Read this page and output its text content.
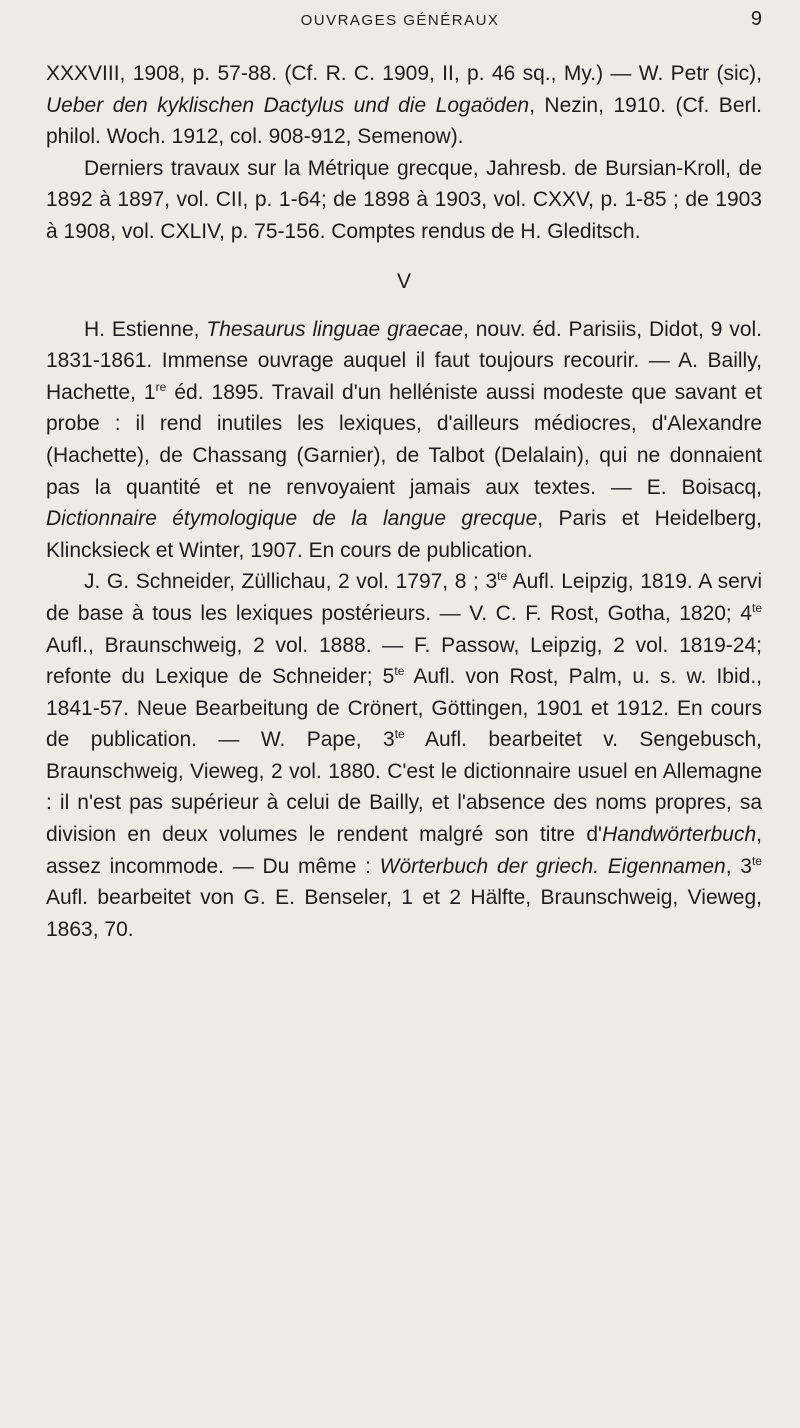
OUVRAGES GÉNÉRAUX	9

XXXVIII, 1908, p. 57-88. (Cf. R. C. 1909, II, p. 46 sq., My.) — W. Petr (sic), Ueber den kyklischen Dactylus und die Logaöden, Nezin, 1910. (Cf. Berl. philol. Woch. 1912, col. 908-912, Semenow).

Derniers travaux sur la Métrique grecque, Jahresb. de Bursian-Kroll, de 1892 à 1897, vol. CII, p. 1-64; de 1898 à 1903, vol. CXXV, p. 1-85 ; de 1903 à 1908, vol. CXLIV, p. 75-156. Comptes rendus de H. Gleditsch.

V

H. Estienne, Thesaurus linguae graecae, nouv. éd. Parisiis, Didot, 9 vol. 1831-1861. Immense ouvrage auquel il faut toujours recourir. — A. Bailly, Hachette, 1re éd. 1895. Travail d'un helléniste aussi modeste que savant et probe : il rend inutiles les lexiques, d'ailleurs médiocres, d'Alexandre (Hachette), de Chassang (Garnier), de Talbot (Delalain), qui ne donnaient pas la quantité et ne renvoyaient jamais aux textes. — E. Boisacq, Dictionnaire étymologique de la langue grecque, Paris et Heidelberg, Klincksieck et Winter, 1907. En cours de publication.

J. G. Schneider, Züllichau, 2 vol. 1797, 8 ; $3^{te}$ Aufl. Leipzig, 1819. A servi de base à tous les lexiques postérieurs. — V. C. F. Rost, Gotha, 1820; $4^{te}$ Aufl., Braunschweig, 2 vol. 1888. — F. Passow, Leipzig, 2 vol. 1819-24; refonte du Lexique de Schneider; $5^{te}$ Aufl. von Rost, Palm, u. s. w. Ibid., 1841-57. Neue Bearbeitung de Crönert, Göttingen, 1901 et 1912. En cours de publication. — W. Pape, $3^{te}$ Aufl. bearbeitet v. Sengebusch, Braunschweig, Vieweg, 2 vol. 1880. C'est le dictionnaire usuel en Allemagne : il n'est pas supérieur à celui de Bailly, et l'absence des noms propres, sa division en deux volumes le rendent malgré son titre d'Handwörterbuch, assez incommode. — Du même : Wörterbuch der griech. Eigennamen, $3^{te}$ Aufl. bearbeitet von G. E. Benseler, 1 et 2 Hälfte, Braunschweig, Vieweg, 1863, 70.
